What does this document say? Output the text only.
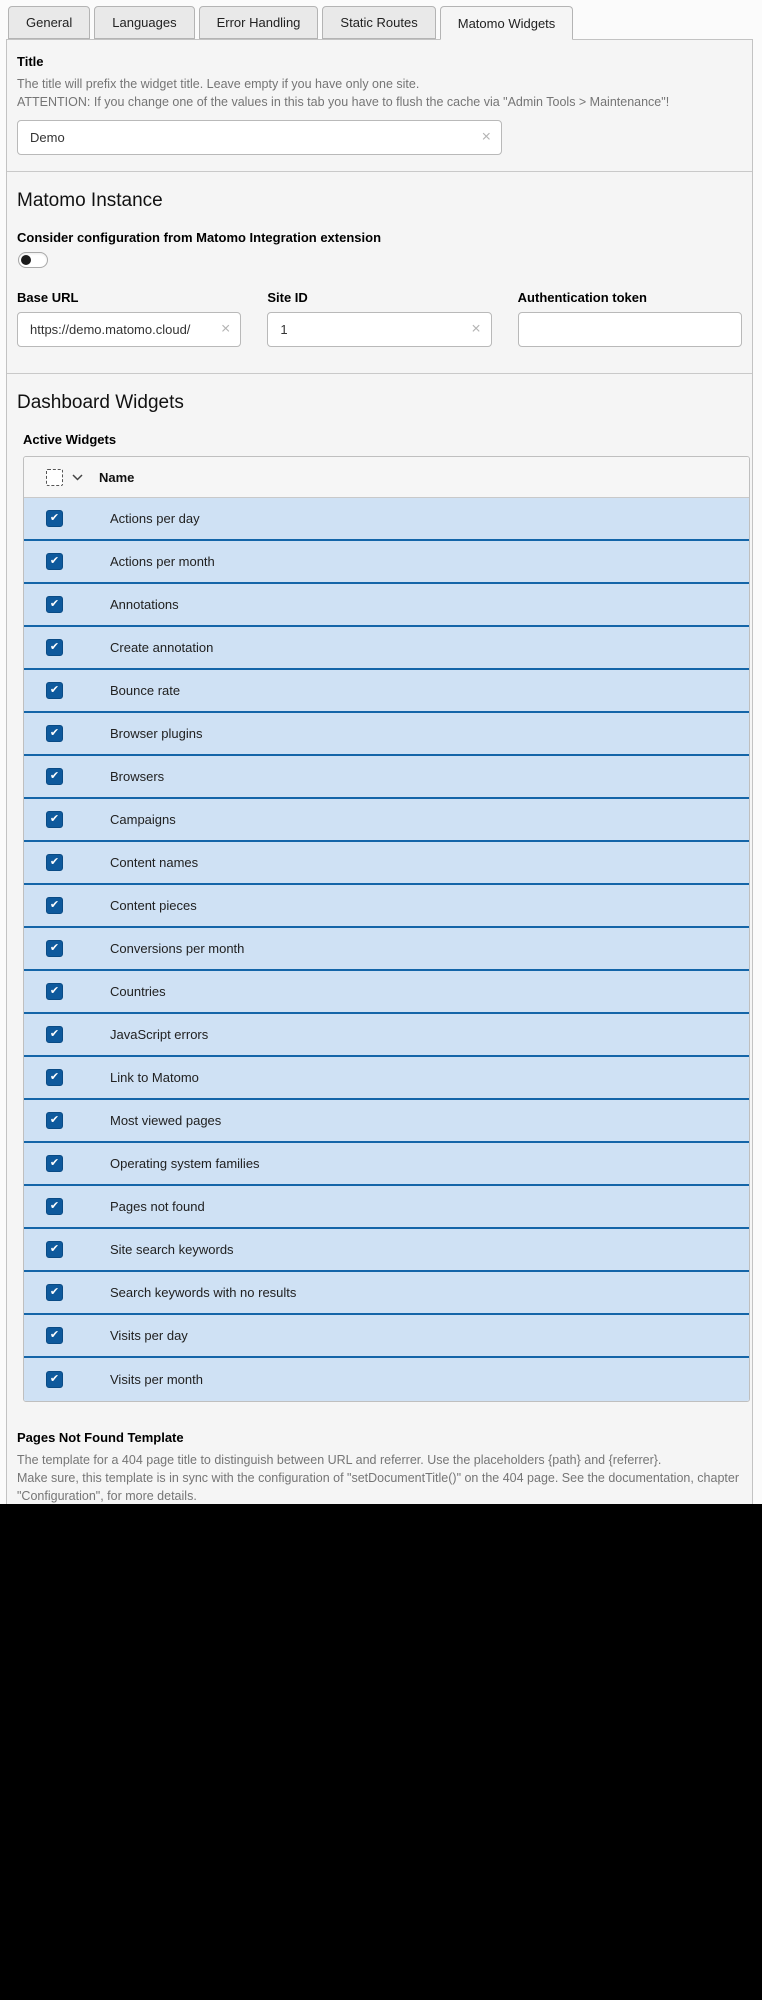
General	Languages	Error Handling	Static Routes	Matomo Widgets
Title
The title will prefix the widget title. Leave empty if you have only one site.
ATTENTION: If you change one of the values in this tab you have to flush the cache via "Admin Tools > Maintenance"!
Demo
×
Matomo Instance
Consider configuration from Matomo Integration extension
Base URL
https://demo.matomo.cloud/
×
Site ID
1
×
Authentication token
Dashboard Widgets
Active Widgets
Name
✔	Actions per day
✔	Actions per month
✔	Annotations
✔	Create annotation
✔	Bounce rate
✔	Browser plugins
✔	Browsers
✔	Campaigns
✔	Content names
✔	Content pieces
✔	Conversions per month
✔	Countries
✔	JavaScript errors
✔	Link to Matomo
✔	Most viewed pages
✔	Operating system families
✔	Pages not found
✔	Site search keywords
✔	Search keywords with no results
✔	Visits per day
✔	Visits per month
Pages Not Found Template
The template for a 404 page title to distinguish between URL and referrer. Use the placeholders {path} and {referrer}.
Make sure, this template is in sync with the configuration of "setDocumentTitle()" on the 404 page. See the documentation, chapter
"Configuration", for more details.
